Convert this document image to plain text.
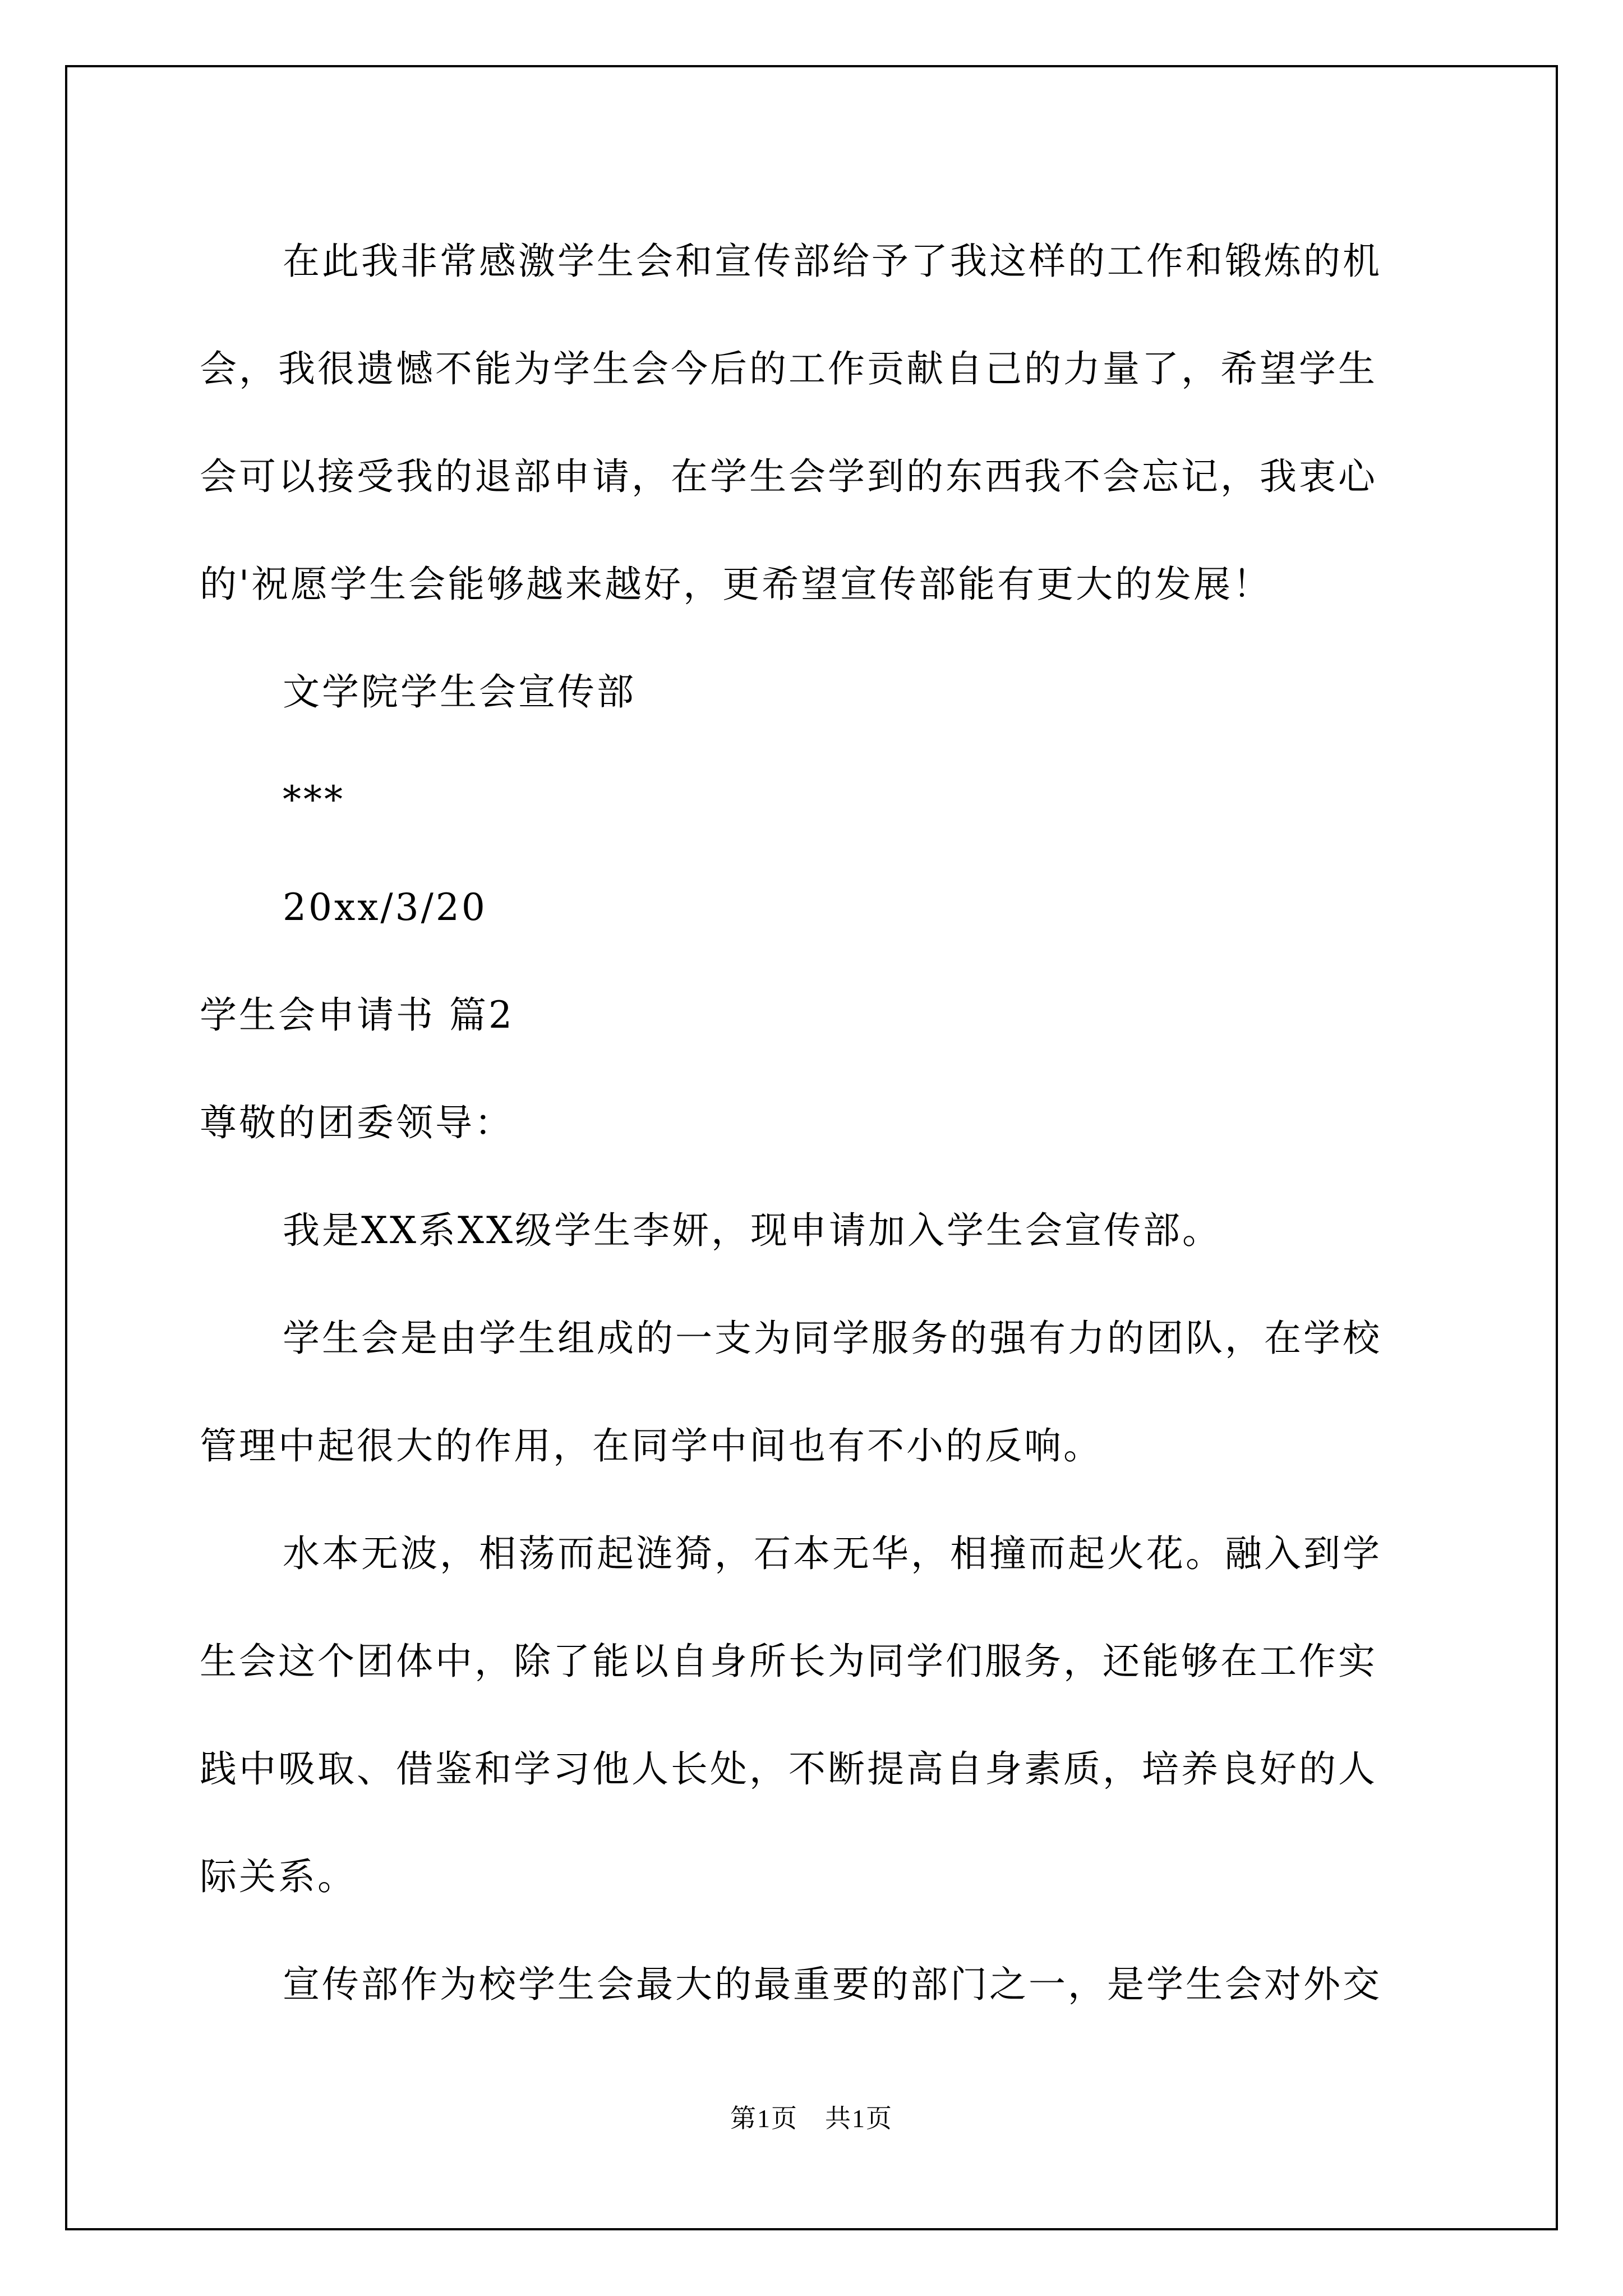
在此我非常感激学生会和宣传部给予了我这样的工作和锻炼的机

会，我很遗憾不能为学生会今后的工作贡献自己的力量了，希望学生

会可以接受我的退部申请，在学生会学到的东西我不会忘记，我衷心

的'祝愿学生会能够越来越好，更希望宣传部能有更大的发展！

文学院学生会宣传部

***

20xx/3/20

学生会申请书 篇2

尊敬的团委领导：

我是XX系XX级学生李妍，现申请加入学生会宣传部。

学生会是由学生组成的一支为同学服务的强有力的团队，在学校

管理中起很大的作用，在同学中间也有不小的反响。

水本无波，相荡而起涟猗，石本无华，相撞而起火花。融入到学

生会这个团体中，除了能以自身所长为同学们服务，还能够在工作实

践中吸取、借鉴和学习他人长处，不断提高自身素质，培养良好的人

际关系。

宣传部作为校学生会最大的最重要的部门之一，是学生会对外交

第1页　共1页
